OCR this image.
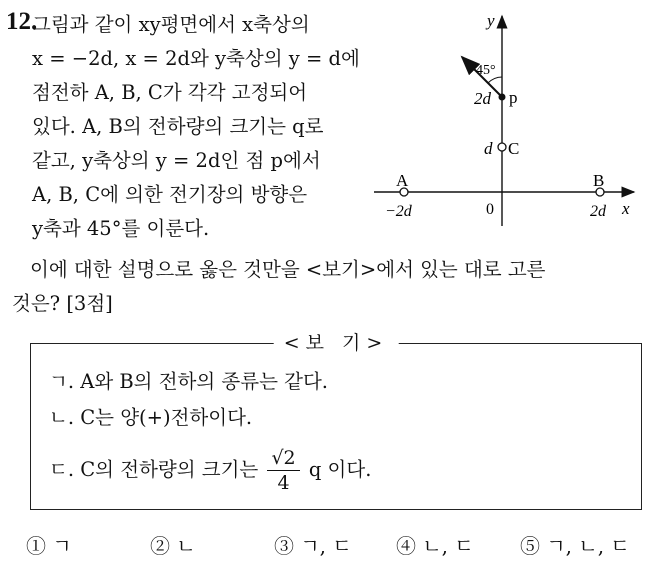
12.
그림과 같이 xy평면에서 x축상의
x = −2d, x = 2d와 y축상의 y = d에
점전하 A, B, C가 각각 고정되어
있다. A, B의 전하량의 크기는 q로
같고, y축상의 y = 2d인 점 p에서
A, B, C에 의한 전기장의 방향은
y축과 45°를 이룬다.
y
x
45°
2d p
d C
A
−2d	0
B
2d
이에 대한 설명으로 옳은 것만을 <보기>에서 있는 대로 고른
것은? [3점]
<보 기>
ㄱ. A와 B의 전하의 종류는 같다.
ㄴ. C는 양(+)전하이다.
ㄷ. C의 전하량의 크기는 $\frac{√2}{4}$ q 이다.
① ㄱ	② ㄴ	③ ㄱ, ㄷ ④ ㄴ, ㄷ ⑤ ㄱ, ㄴ, ㄷ
